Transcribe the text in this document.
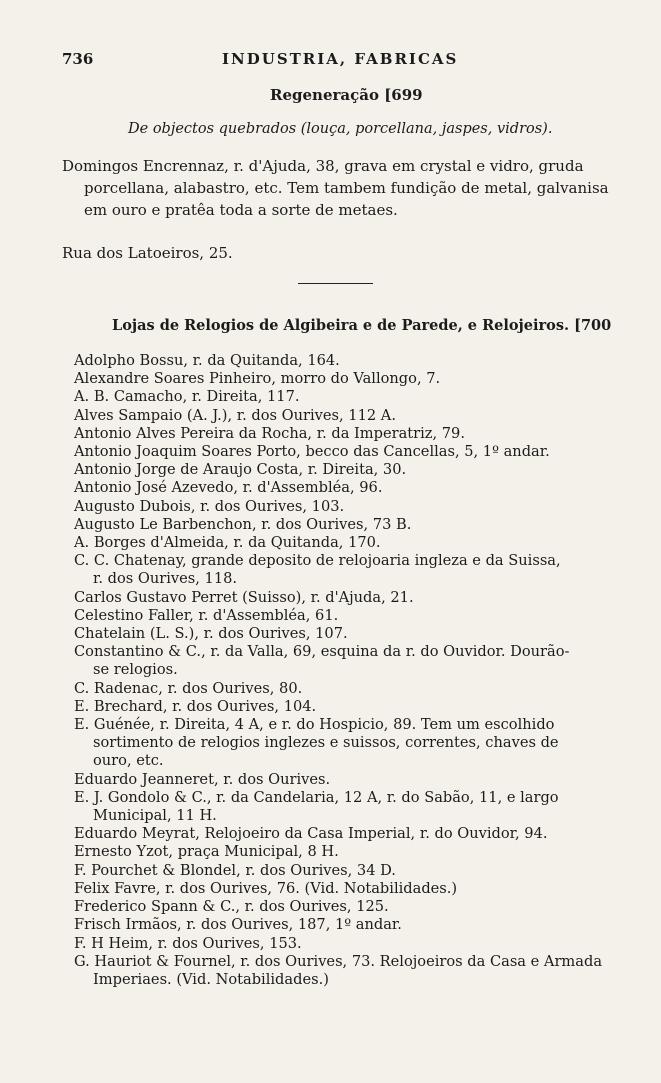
736	INDUSTRIA, FABRICAS
Regeneração [699
De objectos quebrados (louça, porcellana, jaspes, vidros).
Domingos Encrennaz, r. d'Ajuda, 38, grava em crystal e vidro, gruda
porcellana, alabastro, etc. Tem tambem fundição de metal, galvanisa
em ouro e pratêa toda a sorte de metaes.
Rua dos Latoeiros, 25.
Lojas de Relogios de Algibeira e de Parede, e Relojeiros. [700
Adolpho Bossu, r. da Quitanda, 164.
Alexandre Soares Pinheiro, morro do Vallongo, 7.
A. B. Camacho, r. Direita, 117.
Alves Sampaio (A. J.), r. dos Ourives, 112 A.
Antonio Alves Pereira da Rocha, r. da Imperatriz, 79.
Antonio Joaquim Soares Porto, becco das Cancellas, 5, 1º andar.
Antonio Jorge de Araujo Costa, r. Direita, 30.
Antonio José Azevedo, r. d'Assembléa, 96.
Augusto Dubois, r. dos Ourives, 103.
Augusto Le Barbenchon, r. dos Ourives, 73 B.
A. Borges d'Almeida, r. da Quitanda, 170.
C. C. Chatenay, grande deposito de relojoaria ingleza e da Suissa,
r. dos Ourives, 118.
Carlos Gustavo Perret (Suisso), r. d'Ajuda, 21.
Celestino Faller, r. d'Assembléa, 61.
Chatelain (L. S.), r. dos Ourives, 107.
Constantino & C., r. da Valla, 69, esquina da r. do Ouvidor. Dourão-
se relogios.
C. Radenac, r. dos Ourives, 80.
E. Brechard, r. dos Ourives, 104.
E. Guénée, r. Direita, 4 A, e r. do Hospicio, 89. Tem um escolhido
sortimento de relogios inglezes e suissos, correntes, chaves de
ouro, etc.
Eduardo Jeanneret, r. dos Ourives.
E. J. Gondolo & C., r. da Candelaria, 12 A, r. do Sabão, 11, e largo
Municipal, 11 H.
Eduardo Meyrat, Relojoeiro da Casa Imperial, r. do Ouvidor, 94.
Ernesto Yzot, praça Municipal, 8 H.
F. Pourchet & Blondel, r. dos Ourives, 34 D.
Felix Favre, r. dos Ourives, 76. (Vid. Notabilidades.)
Frederico Spann & C., r. dos Ourives, 125.
Frisch Irmãos, r. dos Ourives, 187, 1º andar.
F. H Heim, r. dos Ourives, 153.
G. Hauriot & Fournel, r. dos Ourives, 73. Relojoeiros da Casa e Armada
Imperiaes. (Vid. Notabilidades.)
